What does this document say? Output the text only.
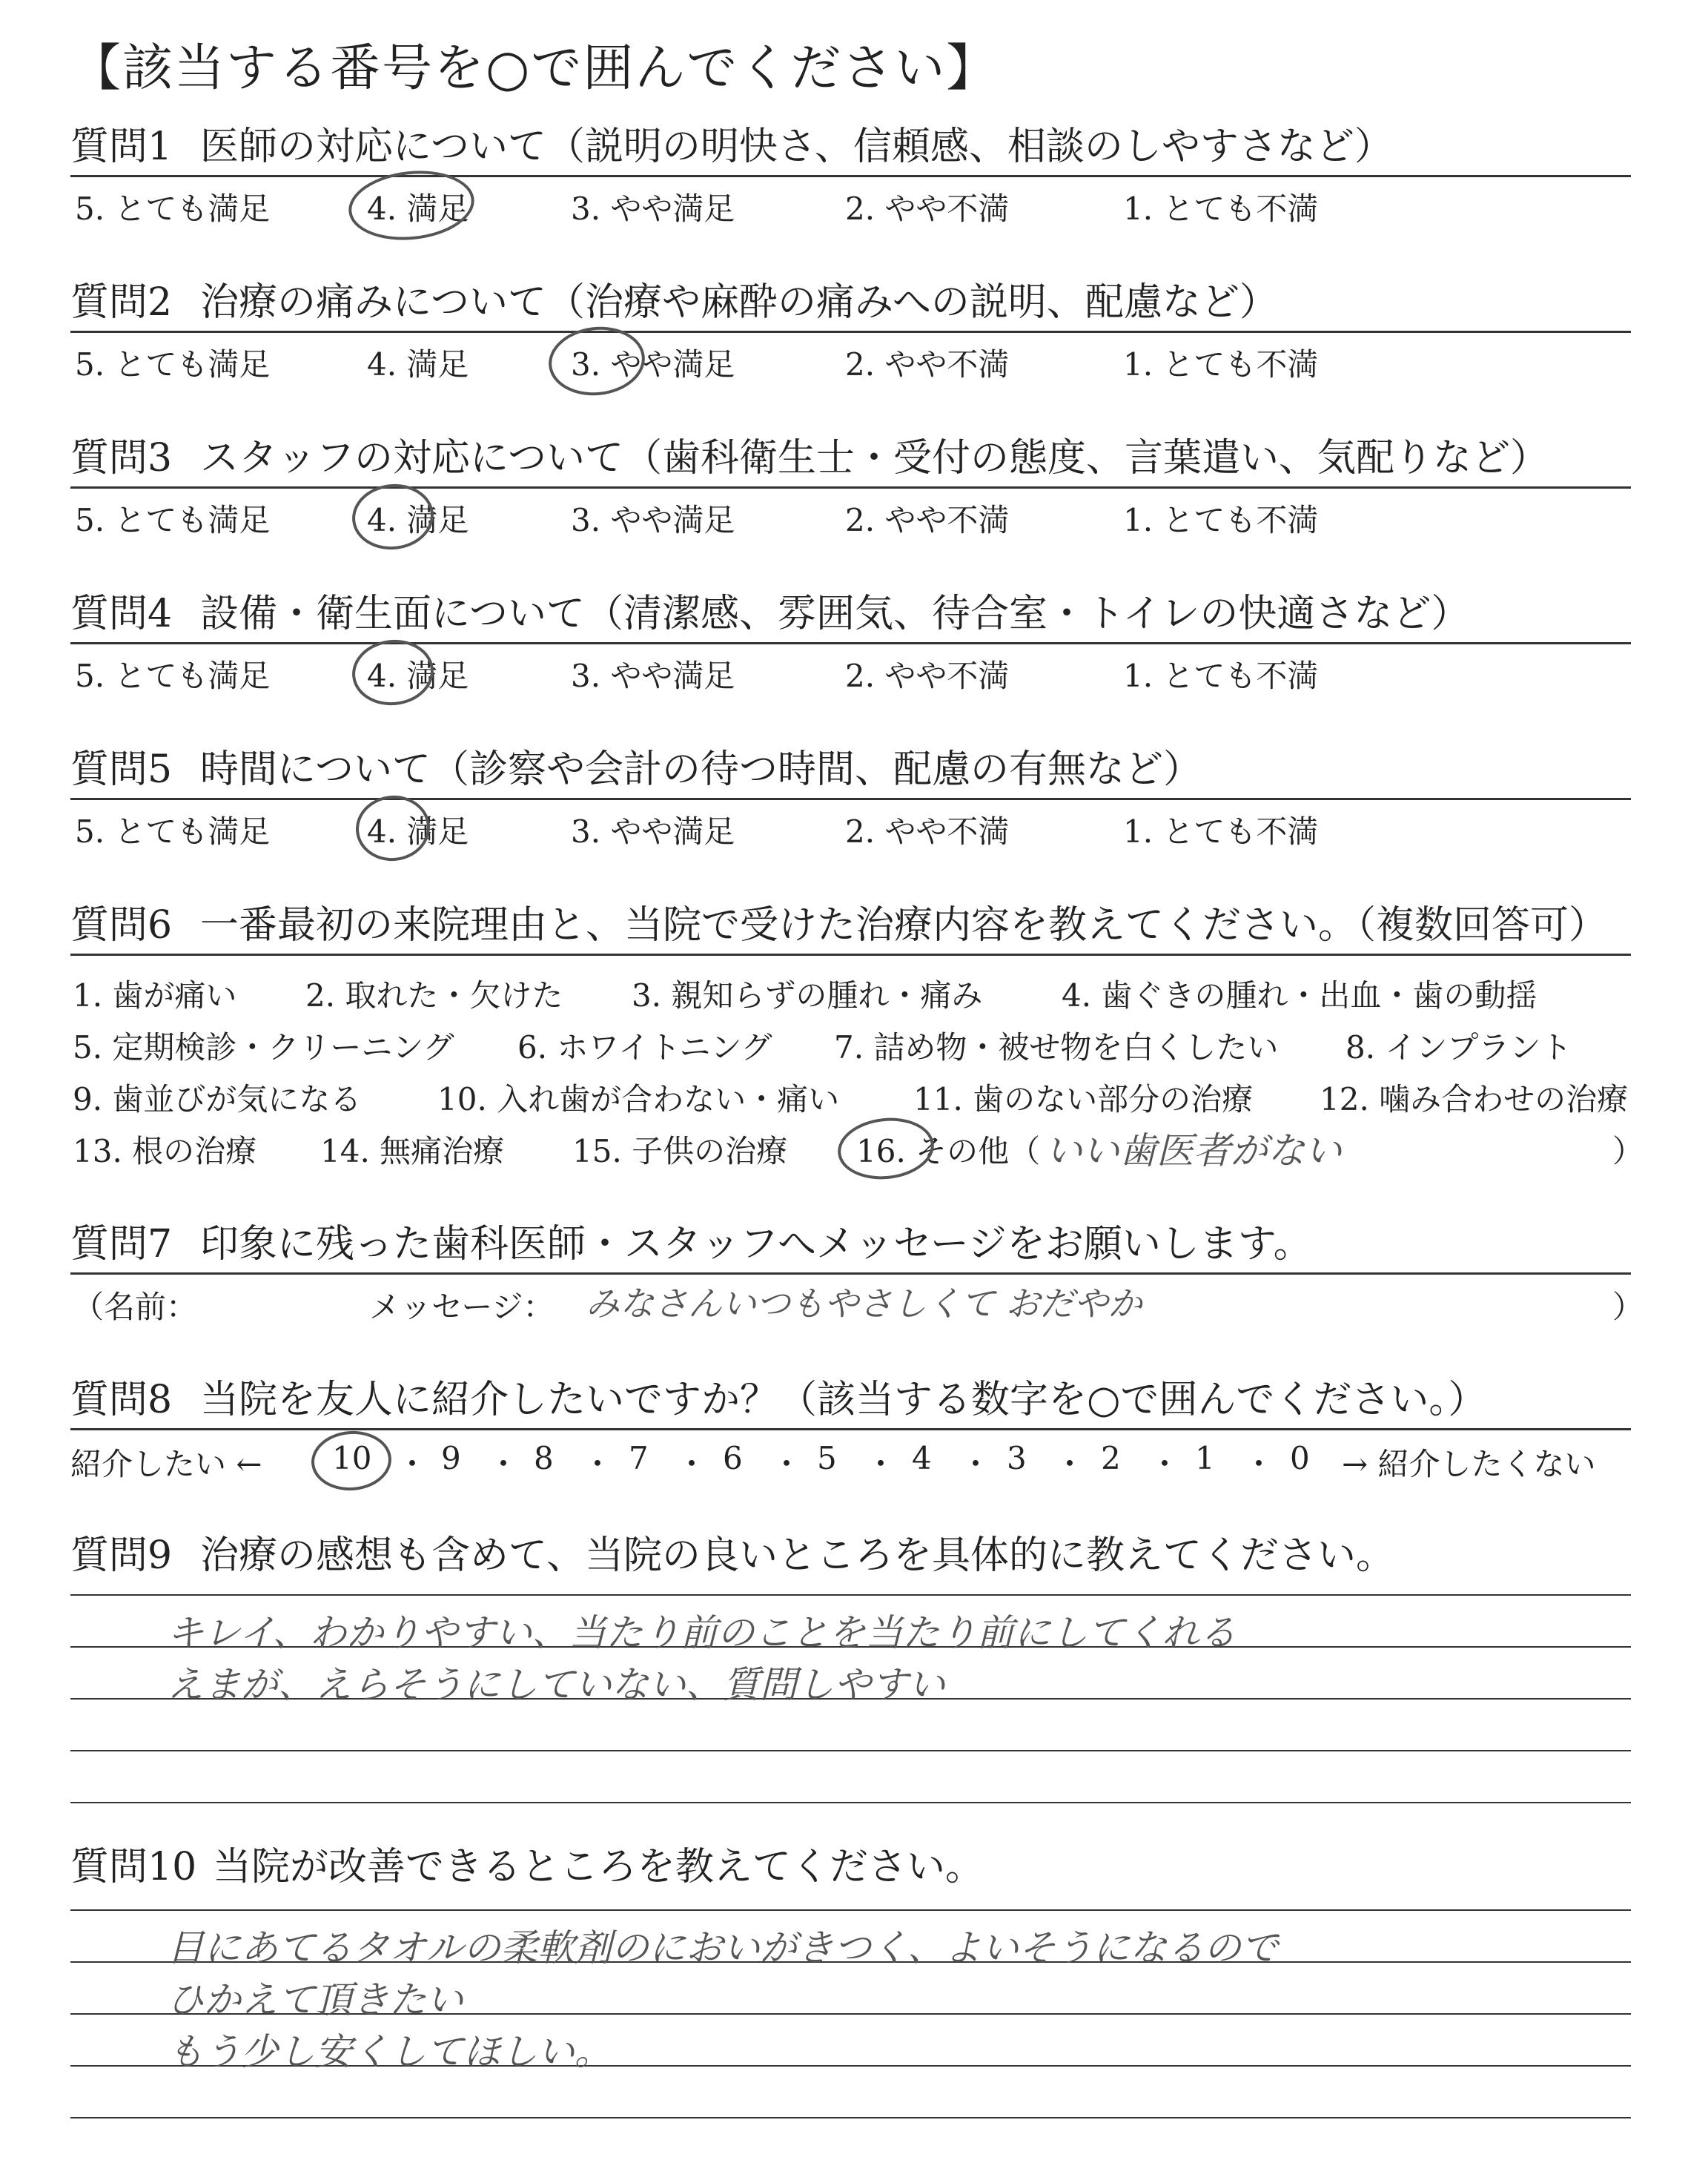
【該当する番号を○で囲んでください】
質問1 医師の対応について（説明の明快さ、信頼感、相談のしやすさなど）
5. とても満足	4. 満足	3. やや満足	2. やや不満	1. とても不満
質問2 治療の痛みについて（治療や麻酔の痛みへの説明、配慮など）
5. とても満足	4. 満足	3. やや満足	2. やや不満	1. とても不満
質問3 スタッフの対応について（歯科衛生士・受付の態度、言葉遣い、気配りなど）
5. とても満足	4. 満足	3. やや満足	2. やや不満	1. とても不満
質問4 設備・衛生面について（清潔感、雰囲気、待合室・トイレの快適さなど）
5. とても満足	4. 満足	3. やや満足	2. やや不満	1. とても不満
質問5 時間について（診察や会計の待つ時間、配慮の有無など）
5. とても満足	4. 満足	3. やや満足	2. やや不満	1. とても不満
質問6 一番最初の来院理由と、当院で受けた治療内容を教えてください。（複数回答可）
1. 歯が痛い 2. 取れた・欠けた 3. 親知らずの腫れ・痛み	4. 歯ぐきの腫れ・出血・歯の動揺
5. 定期検診・クリーニング 6. ホワイトニング 7. 詰め物・被せ物を白くしたい 8. インプラント
9. 歯並びが気になる 10. 入れ歯が合わない・痛い 11. 歯のない部分の治療 12. 噛み合わせの治療
13. 根の治療 14. 無痛治療 15. 子供の治療 16. その他（ いい歯医者がない	）
質問7 印象に残った歯科医師・スタッフへメッセージをお願いします。
（名前：	メッセージ： みなさんいつもやさしくて おだやか	）
質問8 当院を友人に紹介したいですか？（該当する数字を○で囲んでください。）
紹介したい ← 10 ・ 9 ・ 8 ・ 7 ・ 6 ・ 5 ・ 4 ・ 3 ・ 2 ・ 1 ・ 0 → 紹介したくない
質問9 治療の感想も含めて、当院の良いところを具体的に教えてください。
キレイ、わかりやすい、当たり前のことを当たり前にしてくれる
えまが、えらそうにしていない、質問しやすい
質問10 当院が改善できるところを教えてください。
目にあてるタオルの柔軟剤のにおいがきつく、よいそうになるので
ひかえて頂きたい
もう少し安くしてほしい。
